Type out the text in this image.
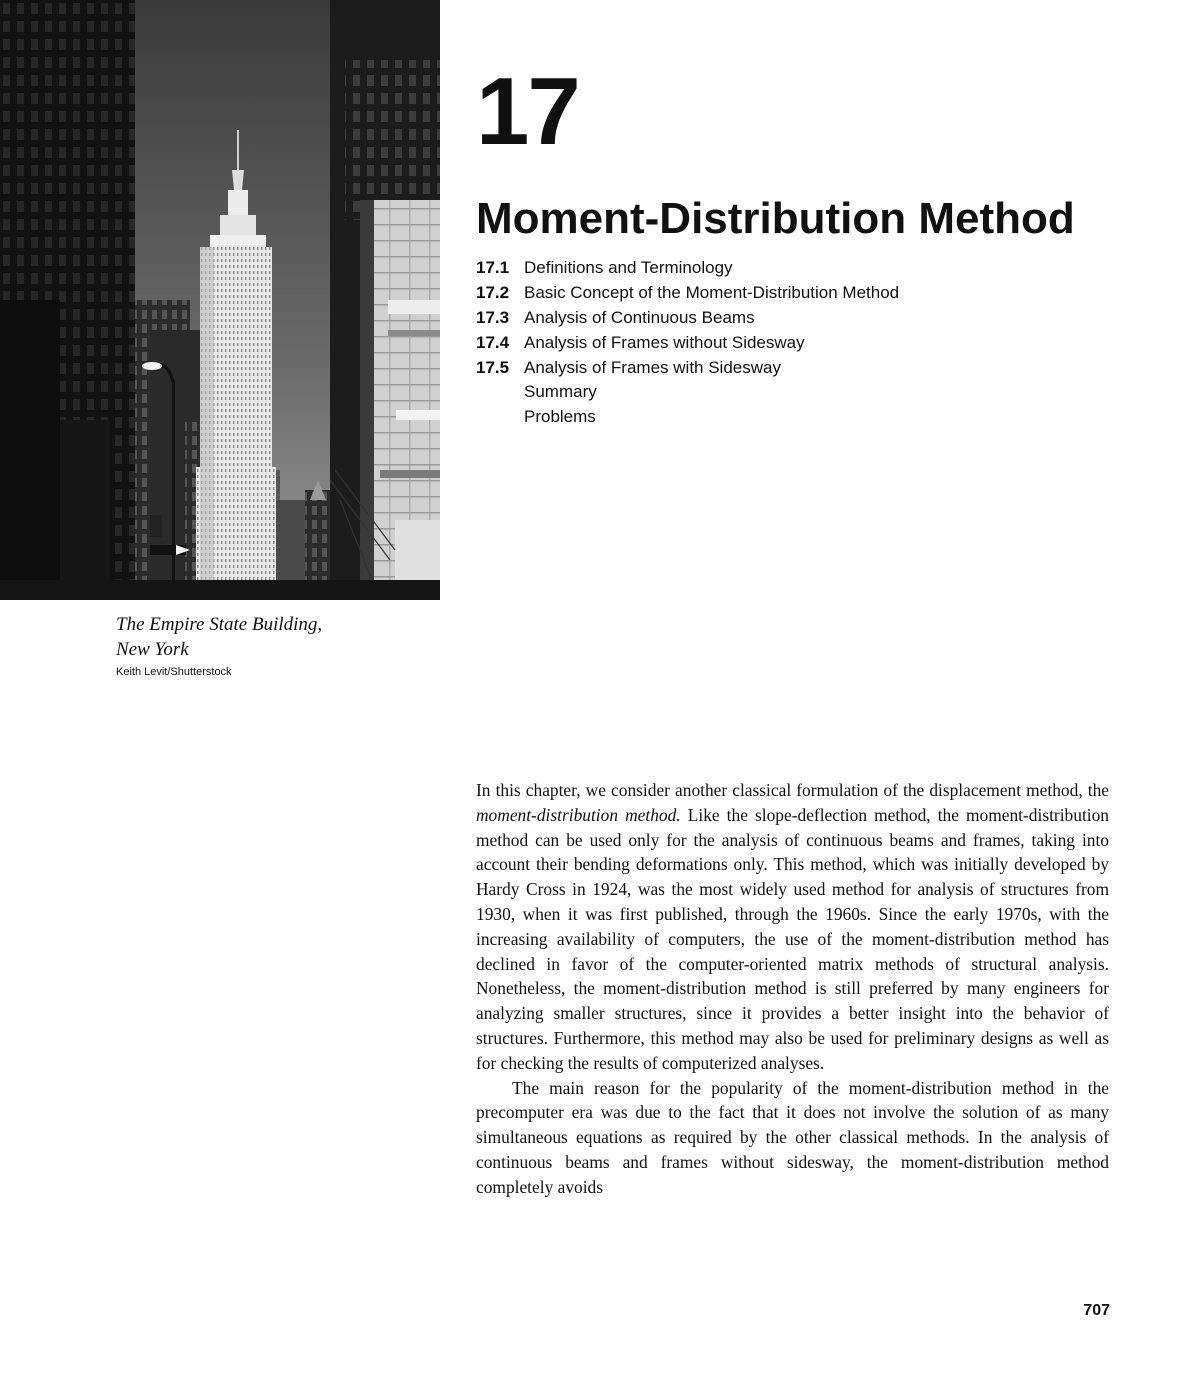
The Empire State Building,
New York
Keith Levit/Shutterstock
17
Moment-Distribution Method
17.1 Definitions and Terminology
17.2 Basic Concept of the Moment-Distribution Method
17.3 Analysis of Continuous Beams
17.4 Analysis of Frames without Sidesway
17.5 Analysis of Frames with Sidesway
Summary
Problems

In this chapter, we consider another classical formulation of the displacement method, the moment-distribution method. Like the slope-deflection method, the moment-distribution method can be used only for the analysis of continuous beams and frames, taking into account their bending deformations only. This method, which was initially developed by Hardy Cross in 1924, was the most widely used method for analysis of structures from 1930, when it was first published, through the 1960s. Since the early 1970s, with the increasing availability of computers, the use of the moment-distribution method has declined in favor of the computer-oriented matrix methods of structural analysis. Nonetheless, the moment-distribution method is still preferred by many engineers for analyzing smaller structures, since it provides a better insight into the behavior of structures. Furthermore, this method may also be used for preliminary designs as well as for checking the results of computerized analyses.

The main reason for the popularity of the moment-distribution method in the precomputer era was due to the fact that it does not involve the solution of as many simultaneous equations as required by the other classical methods. In the analysis of continuous beams and frames without sidesway, the moment-distribution method completely avoids

707
